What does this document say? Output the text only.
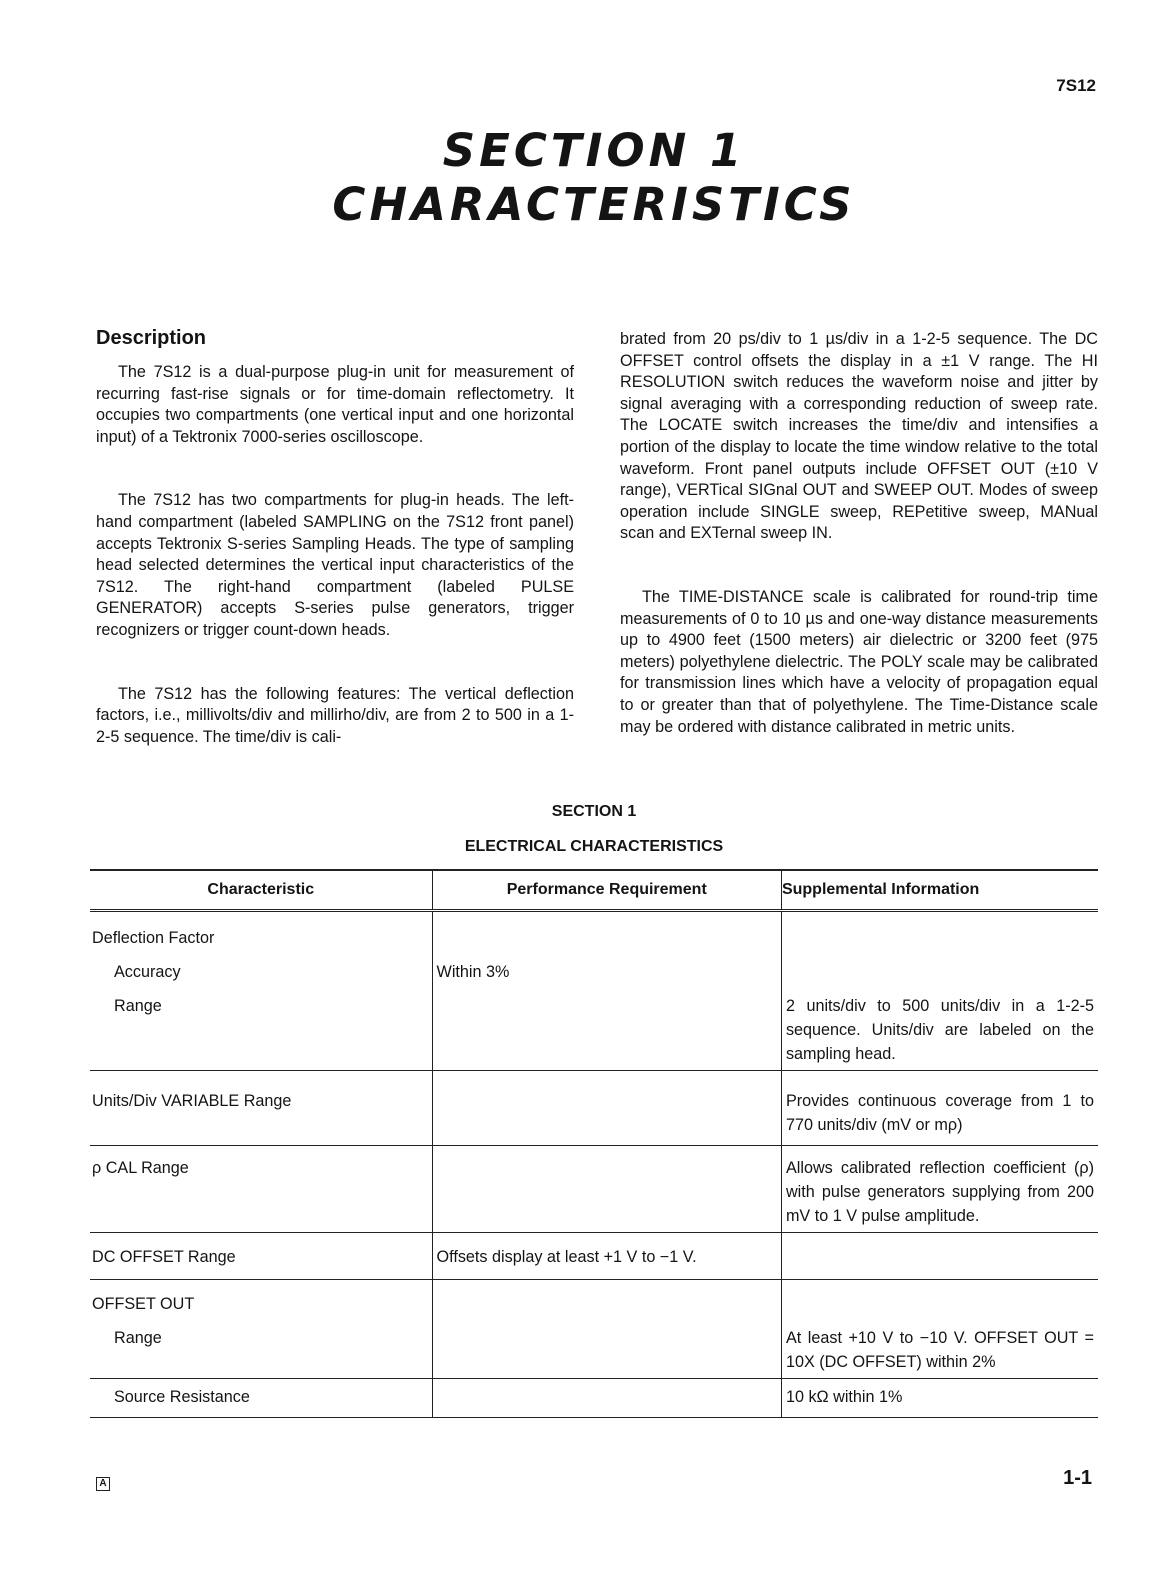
7S12
SECTION 1
CHARACTERISTICS
Description

The 7S12 is a dual-purpose plug-in unit for measurement of recurring fast-rise signals or for time-domain reflectometry. It occupies two compartments (one vertical input and one horizontal input) of a Tektronix 7000-series oscilloscope.

The 7S12 has two compartments for plug-in heads. The left-hand compartment (labeled SAMPLING on the 7S12 front panel) accepts Tektronix S-series Sampling Heads. The type of sampling head selected determines the vertical input characteristics of the 7S12. The right-hand compartment (labeled PULSE GENERATOR) accepts S-series pulse generators, trigger recognizers or trigger count-down heads.

The 7S12 has the following features: The vertical deflection factors, i.e., millivolts/div and millirho/div, are from 2 to 500 in a 1-2-5 sequence. The time/div is cali-

brated from 20 ps/div to 1 µs/div in a 1-2-5 sequence. The DC OFFSET control offsets the display in a ±1 V range. The HI RESOLUTION switch reduces the waveform noise and jitter by signal averaging with a corresponding reduction of sweep rate. The LOCATE switch increases the time/div and intensifies a portion of the display to locate the time window relative to the total waveform. Front panel outputs include OFFSET OUT (±10 V range), VERTical SIGnal OUT and SWEEP OUT. Modes of sweep operation include SINGLE sweep, REPetitive sweep, MANual scan and EXTernal sweep IN.

The TIME-DISTANCE scale is calibrated for round-trip time measurements of 0 to 10 µs and one-way distance measurements up to 4900 feet (1500 meters) air dielectric or 3200 feet (975 meters) polyethylene dielectric. The POLY scale may be calibrated for transmission lines which have a velocity of propagation equal to or greater than that of polyethylene. The Time-Distance scale may be ordered with distance calibrated in metric units.

SECTION 1
ELECTRICAL CHARACTERISTICS
Characteristic	Performance Requirement	Supplemental Information
Deflection Factor		
Accuracy	Within 3%	
Range		2 units/div to 500 units/div in a 1-2-5 sequence. Units/div are labeled on the sampling head.
Units/Div VARIABLE Range		Provides continuous coverage from 1 to 770 units/div (mV or mρ)
ρ CAL Range		Allows calibrated reflection coefficient (ρ) with pulse generators supplying from 200 mV to 1 V pulse amplitude.
DC OFFSET Range	Offsets display at least +1 V to −1 V.	
OFFSET OUT		
Range		At least +10 V to −10 V. OFFSET OUT = 10X (DC OFFSET) within 2%
Source Resistance		10 kΩ within 1%
A	1-1
